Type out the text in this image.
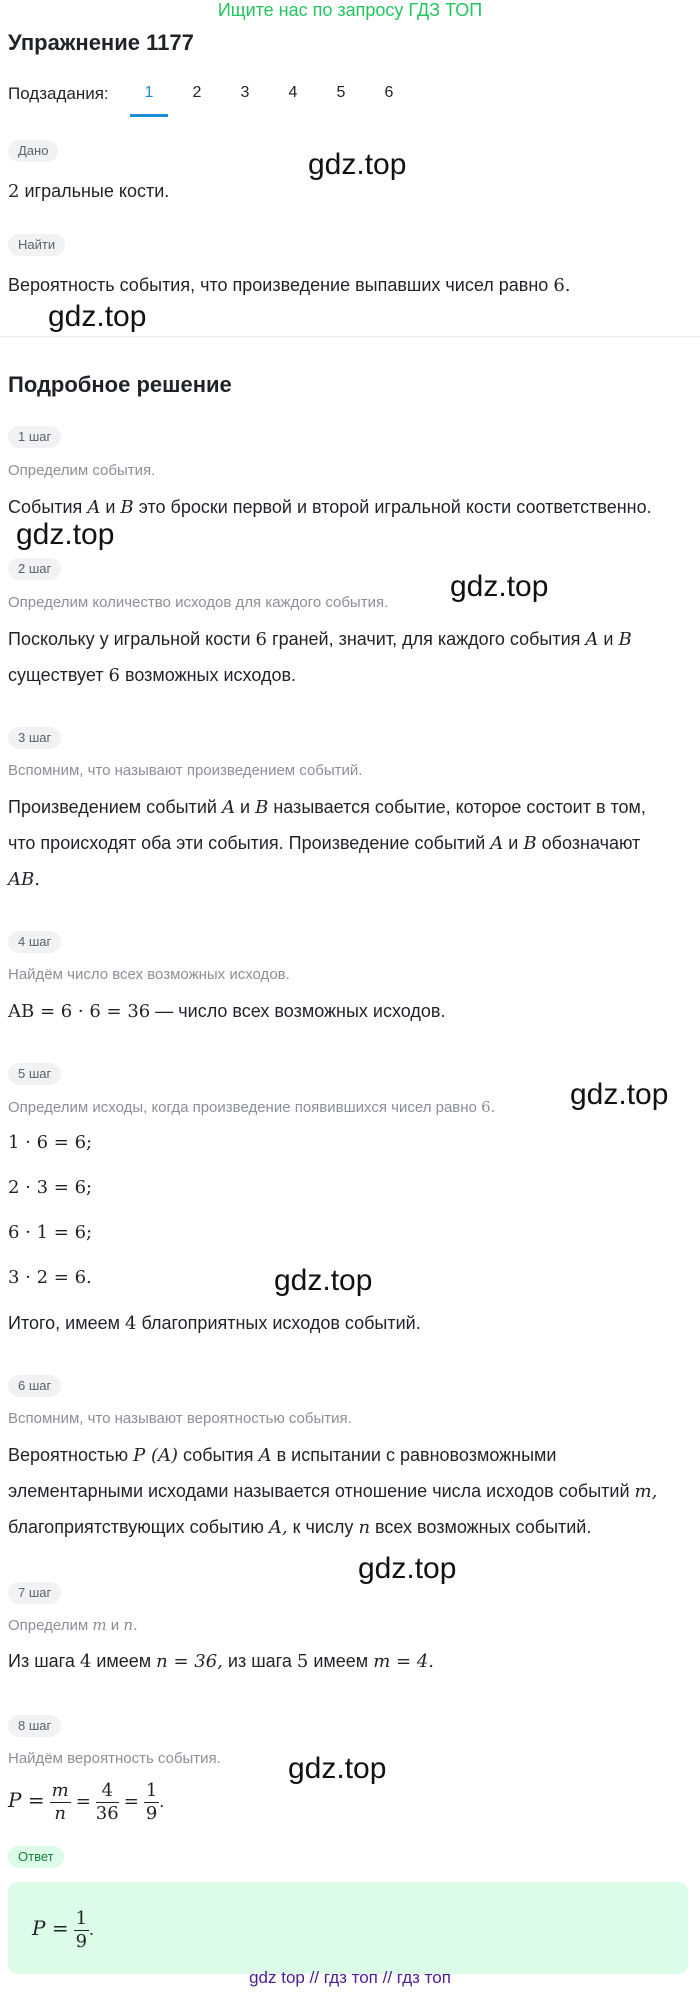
Ищите нас по запросу ГДЗ ТОП
Упражнение 1177
Подзадания:	1	2	3	4	5	6
Дано
2 игральные кости.
gdz.top
Найти
Вероятность события, что произведение выпавших чисел равно 6.
gdz.top
Подробное решение
1 шаг
Определим события.
События A и B это броски первой и второй игральной кости соответственно.
gdz.top
2 шаг
gdz.top
Определим количество исходов для каждого события.
Поскольку у игральной кости 6 граней, значит, для каждого события A и B
существует 6 возможных исходов.
3 шаг
Вспомним, что называют произведением событий.
Произведением событий A и B называется событие, которое состоит в том,
что происходят оба эти события. Произведение событий A и B обозначают
AB.
4 шаг
Найдём число всех возможных исходов.
AB = 6 · 6 = 36 — число всех возможных исходов.
5 шаг
gdz.top
Определим исходы, когда произведение появившихся чисел равно 6.
1 · 6 = 6;
2 · 3 = 6;
6 · 1 = 6;
3 · 2 = 6.	gdz.top
Итого, имеем 4 благоприятных исходов событий.
6 шаг
Вспомним, что называют вероятностью события.
Вероятностью P (A) события A в испытании с равновозможными
элементарными исходами называется отношение числа исходов событий m,
благоприятствующих событию A, к числу n всех возможных событий.
gdz.top
7 шаг
Определим m и n.
Из шага 4 имеем n = 36, из шага 5 имеем m = 4.
8 шаг
Найдём вероятность события. gdz.top
$P = \frac{m}{n} = \frac{4}{36} = \frac{1}{9}$ .
Ответ
$P = \frac{1}{9}$ .
gdz top // гдз топ // гдз топ
